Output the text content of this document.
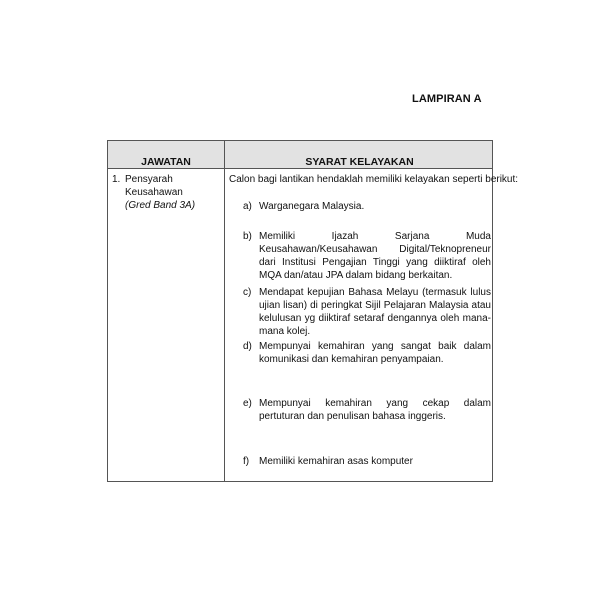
LAMPIRAN A
JAWATAN	SYARAT KELAYAKAN
1. Pensyarah
Keusahawan
(Gred Band 3A)
Calon bagi lantikan hendaklah memiliki kelayakan seperti berikut:
a) Warganegara Malaysia.
b) Memiliki Ijazah Sarjana Muda Keusahawan/Keusahawan Digital/Teknopreneur dari Institusi Pengajian Tinggi yang diiktiraf oleh MQA dan/atau JPA dalam bidang berkaitan.
c) Mendapat kepujian Bahasa Melayu (termasuk lulus ujian lisan) di peringkat Sijil Pelajaran Malaysia atau kelulusan yg diiktiraf setaraf dengannya oleh mana-mana kolej.
d) Mempunyai kemahiran yang sangat baik dalam komunikasi dan kemahiran penyampaian.
e) Mempunyai kemahiran yang cekap dalam pertuturan dan penulisan bahasa inggeris.
f) Memiliki kemahiran asas komputer
